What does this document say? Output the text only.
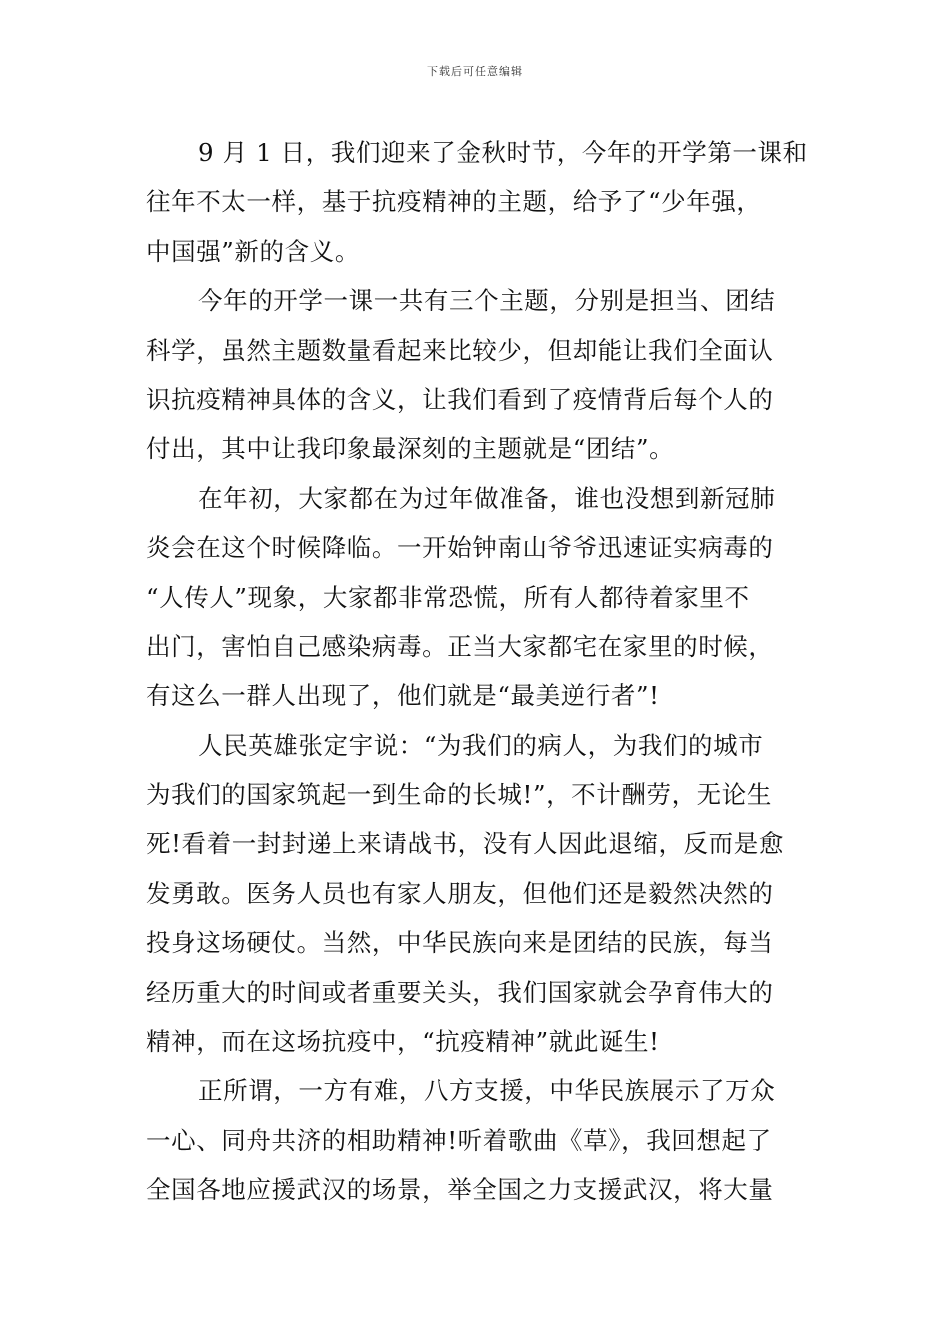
下载后可任意编辑
9 月 1 日，我们迎来了金秋时节，今年的开学第一课和
往年不太一样，基于抗疫精神的主题，给予了“少年强，
中国强”新的含义。
今年的开学一课一共有三个主题，分别是担当、团结
科学，虽然主题数量看起来比较少，但却能让我们全面认
识抗疫精神具体的含义，让我们看到了疫情背后每个人的
付出，其中让我印象最深刻的主题就是“团结”。
在年初，大家都在为过年做准备，谁也没想到新冠肺
炎会在这个时候降临。一开始钟南山爷爷迅速证实病毒的
“人传人”现象，大家都非常恐慌，所有人都待着家里不
出门，害怕自己感染病毒。正当大家都宅在家里的时候，
有这么一群人出现了，他们就是“最美逆行者”!
人民英雄张定宇说：“为我们的病人，为我们的城市
为我们的国家筑起一到生命的长城!”，不计酬劳，无论生
死!看着一封封递上来请战书，没有人因此退缩，反而是愈
发勇敢。医务人员也有家人朋友，但他们还是毅然决然的
投身这场硬仗。当然，中华民族向来是团结的民族，每当
经历重大的时间或者重要关头，我们国家就会孕育伟大的
精神，而在这场抗疫中，“抗疫精神”就此诞生!
正所谓，一方有难，八方支援，中华民族展示了万众
一心、同舟共济的相助精神!听着歌曲《草》，我回想起了
全国各地应援武汉的场景，举全国之力支援武汉，将大量
